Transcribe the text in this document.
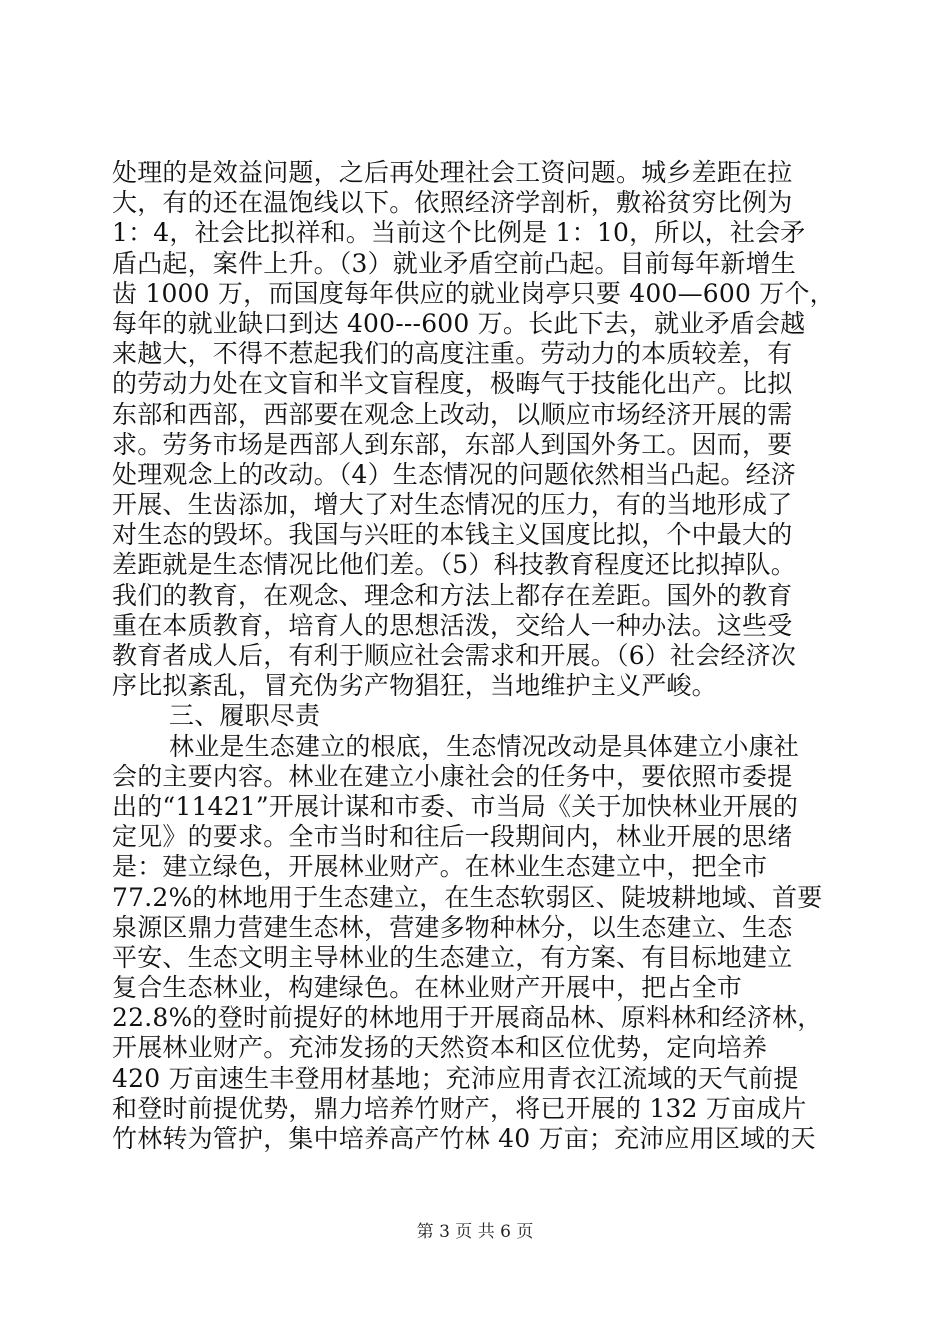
处理的是效益问题，之后再处理社会工资问题。城乡差距在拉
大，有的还在温饱线以下。依照经济学剖析，敷裕贫穷比例为
1：4，社会比拟祥和。当前这个比例是 1：10，所以，社会矛
盾凸起，案件上升。（3）就业矛盾空前凸起。目前每年新增生
齿 1000 万，而国度每年供应的就业岗亭只要 400—600 万个，
每年的就业缺口到达 400---600 万。长此下去，就业矛盾会越
来越大，不得不惹起我们的高度注重。劳动力的本质较差，有
的劳动力处在文盲和半文盲程度，极晦气于技能化出产。比拟
东部和西部，西部要在观念上改动，以顺应市场经济开展的需
求。劳务市场是西部人到东部，东部人到国外务工。因而，要
处理观念上的改动。（4）生态情况的问题依然相当凸起。经济
开展、生齿添加，增大了对生态情况的压力，有的当地形成了
对生态的毁坏。我国与兴旺的本钱主义国度比拟，个中最大的
差距就是生态情况比他们差。（5）科技教育程度还比拟掉队。
我们的教育，在观念、理念和方法上都存在差距。国外的教育
重在本质教育，培育人的思想活泼，交给人一种办法。这些受
教育者成人后，有利于顺应社会需求和开展。（6）社会经济次
序比拟紊乱，冒充伪劣产物猖狂，当地维护主义严峻。
三、履职尽责
林业是生态建立的根底，生态情况改动是具体建立小康社
会的主要内容。林业在建立小康社会的任务中，要依照市委提
出的“11421”开展计谋和市委、市当局《关于加快林业开展的
定见》的要求。全市当时和往后一段期间内，林业开展的思绪
是：建立绿色，开展林业财产。在林业生态建立中，把全市
77.2%的林地用于生态建立，在生态软弱区、陡坡耕地域、首要
泉源区鼎力营建生态林，营建多物种林分，以生态建立、生态
平安、生态文明主导林业的生态建立，有方案、有目标地建立
复合生态林业，构建绿色。在林业财产开展中，把占全市
22.8%的登时前提好的林地用于开展商品林、原料林和经济林，
开展林业财产。充沛发扬的天然资本和区位优势，定向培养
420 万亩速生丰登用材基地；充沛应用青衣江流域的天气前提
和登时前提优势，鼎力培养竹财产，将已开展的 132 万亩成片
竹林转为管护，集中培养高产竹林 40 万亩；充沛应用区域的天
第 3 页 共 6 页
